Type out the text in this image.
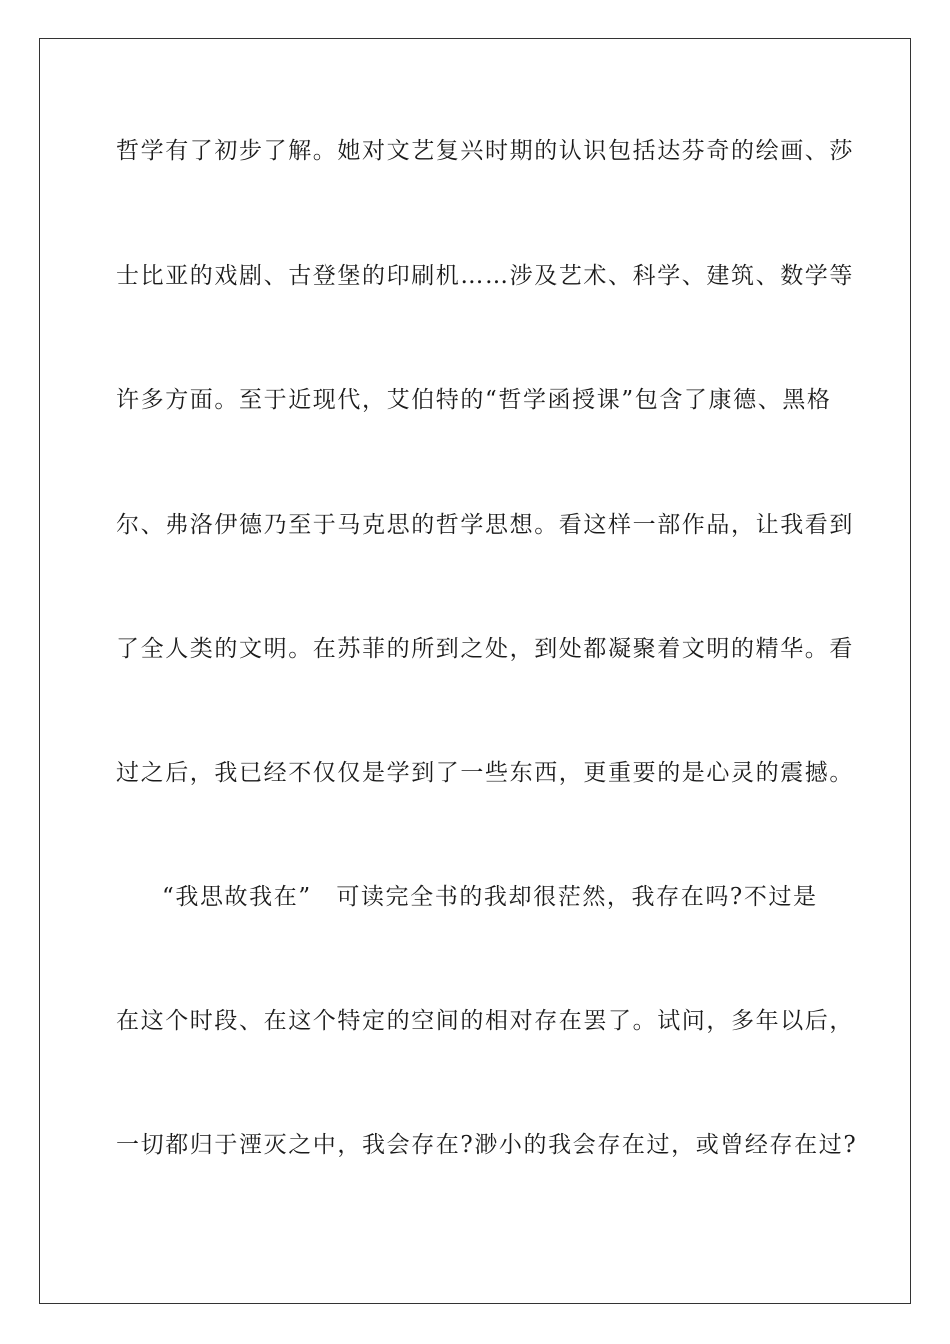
哲学有了初步了解。她对文艺复兴时期的认识包括达芬奇的绘画、莎
士比亚的戏剧、古登堡的印刷机……涉及艺术、科学、建筑、数学等
许多方面。至于近现代，艾伯特的“哲学函授课”包含了康德、黑格
尔、弗洛伊德乃至于马克思的哲学思想。看这样一部作品，让我看到
了全人类的文明。在苏菲的所到之处，到处都凝聚着文明的精华。看
过之后，我已经不仅仅是学到了一些东西，更重要的是心灵的震撼。
“我思故我在”　可读完全书的我却很茫然，我存在吗?不过是
在这个时段、在这个特定的空间的相对存在罢了。试问，多年以后，
一切都归于湮灭之中，我会存在?渺小的我会存在过，或曾经存在过?
